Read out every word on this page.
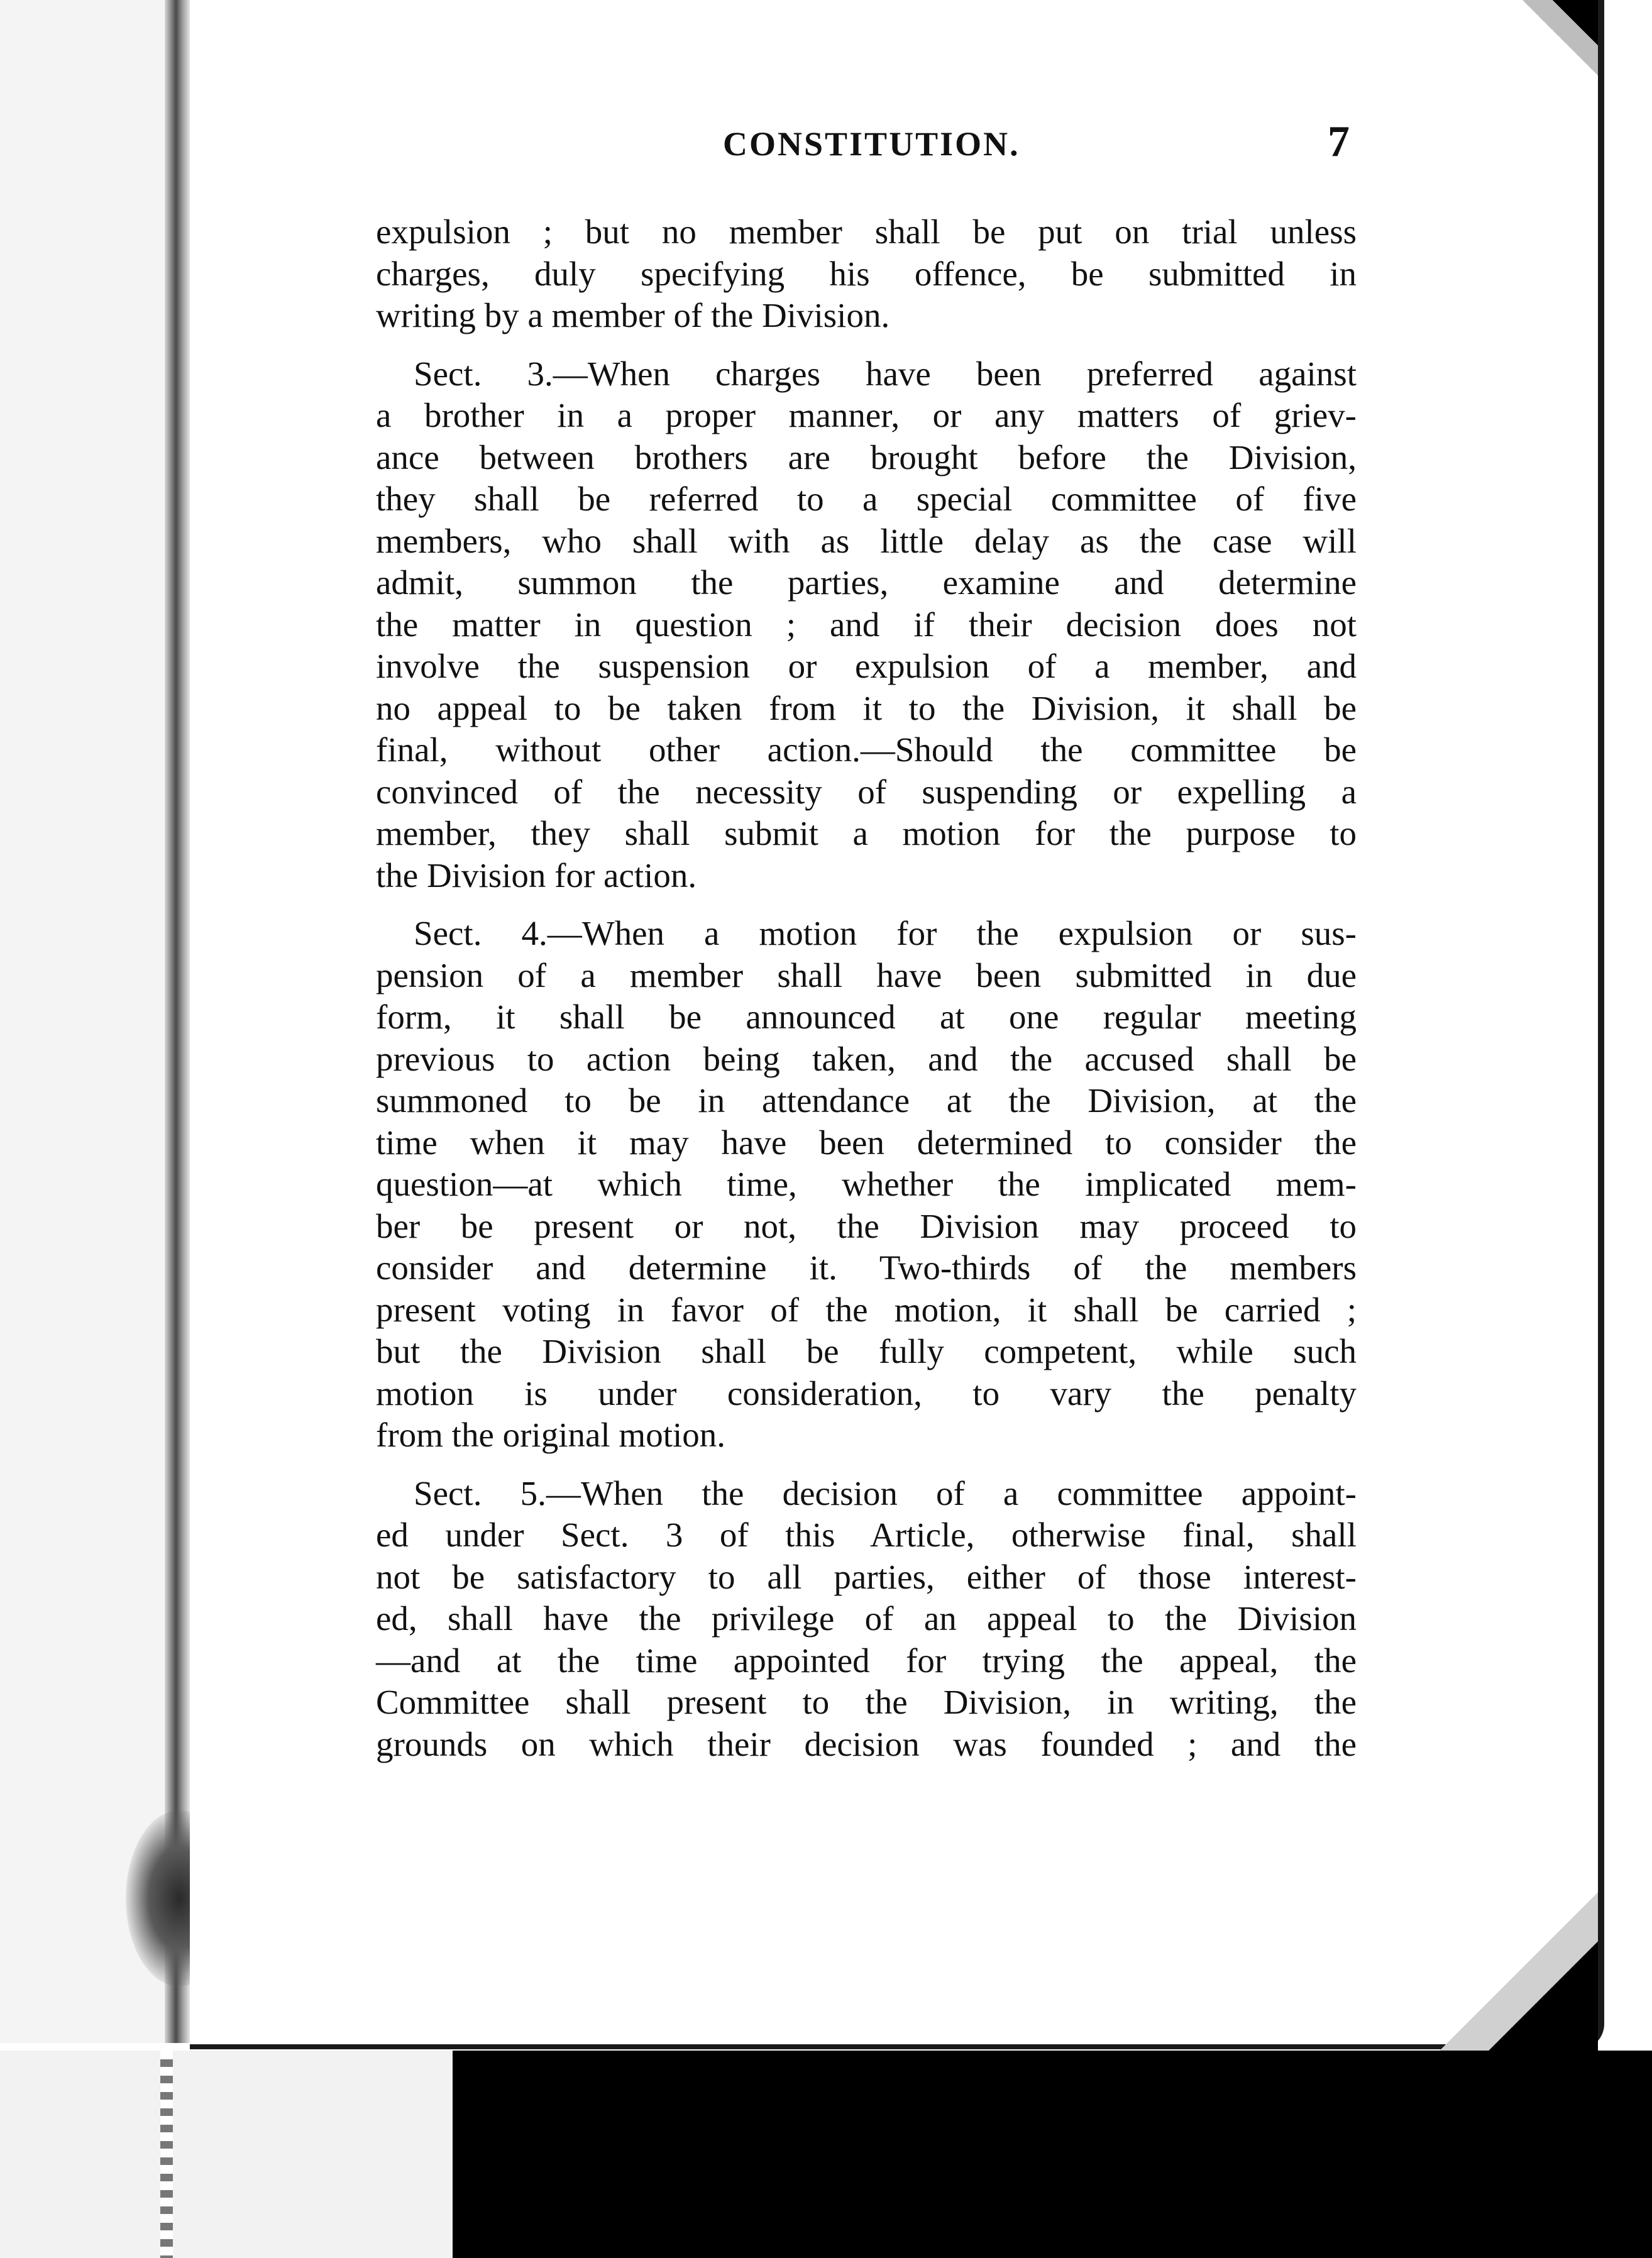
CONSTITUTION.	7
expulsion ; but no member shall be put on trial unless
charges, duly specifying his offence, be submitted in
writing by a member of the Division.
Sect. 3.—When charges have been preferred against
a brother in a proper manner, or any matters of griev-
ance between brothers are brought before the Division,
they shall be referred to a special committee of five
members, who shall with as little delay as the case will
admit, summon the parties, examine and determine
the matter in question ; and if their decision does not
involve the suspension or expulsion of a member, and
no appeal to be taken from it to the Division, it shall be
final, without other action.—Should the committee be
convinced of the necessity of suspending or expelling a
member, they shall submit a motion for the purpose to
the Division for action.
Sect. 4.—When a motion for the expulsion or sus-
pension of a member shall have been submitted in due
form, it shall be announced at one regular meeting
previous to action being taken, and the accused shall be
summoned to be in attendance at the Division, at the
time when it may have been determined to consider the
question—at which time, whether the implicated mem-
ber be present or not, the Division may proceed to
consider and determine it. Two-thirds of the members
present voting in favor of the motion, it shall be carried ;
but the Division shall be fully competent, while such
motion is under consideration, to vary the penalty
from the original motion.
Sect. 5.—When the decision of a committee appoint-
ed under Sect. 3 of this Article, otherwise final, shall
not be satisfactory to all parties, either of those interest-
ed, shall have the privilege of an appeal to the Division
—and at the time appointed for trying the appeal, the
Committee shall present to the Division, in writing, the
grounds on which their decision was founded ; and the
